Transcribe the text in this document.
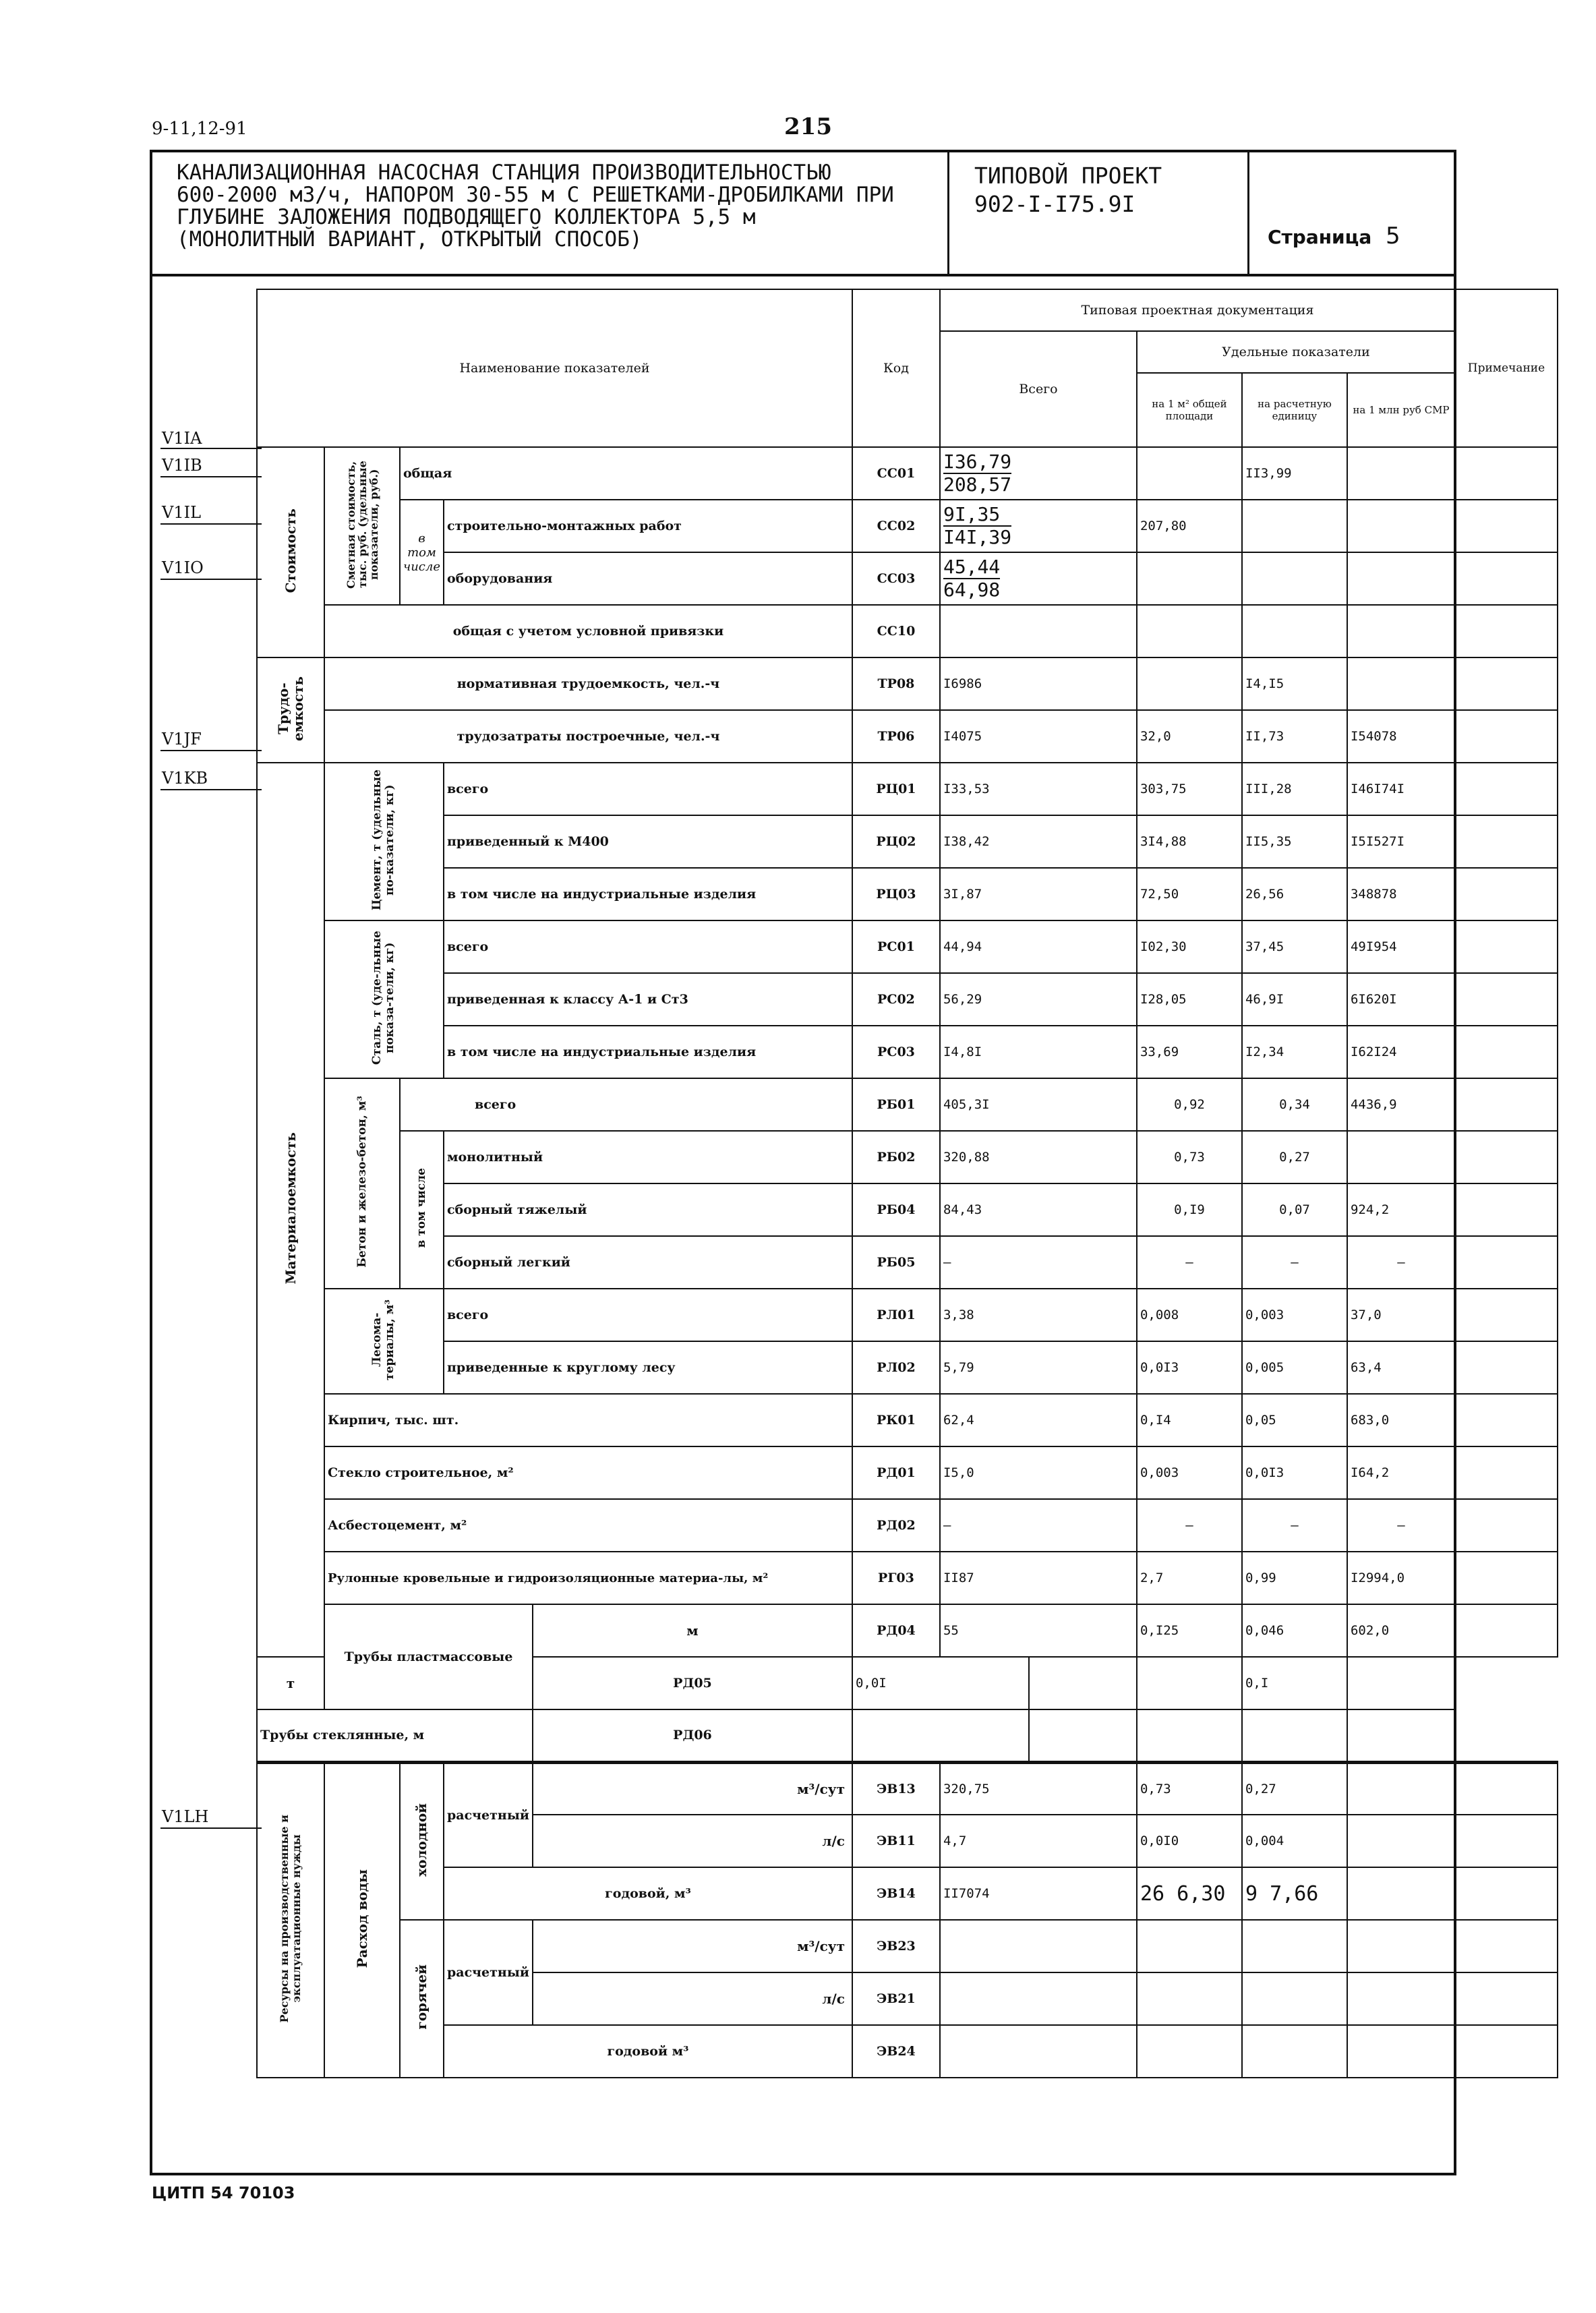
9-11,12-91	215
КАНАЛИЗАЦИОННАЯ НАСОСНАЯ СТАНЦИЯ ПРОИЗВОДИТЕЛЬНОСТЬЮ
600-2000 м3/ч, НАПОРОМ 30-55 м С РЕШЕТКАМИ-ДРОБИЛКАМИ ПРИ
ГЛУБИНЕ ЗАЛОЖЕНИЯ ПОДВОДЯЩЕГО КОЛЛЕКТОРА 5,5 м
(МОНОЛИТНЫЙ ВАРИАНТ, ОТКРЫТЫЙ СПОСОБ)
ТИПОВОЙ ПРОЕКТ
902-I-I75.9I
Страница 5
V1IA
V1IB
V1IL
V1IO
V1JF
V1KB
V1LH
Наименование показателей					Код	Типовая проектная документация					Примечание
						Всего		Удельные показатели			
								на 1 м² общей площади	на расчетную единицу	на 1 млн руб СМР	
Стоимость	Сметная стоимость, тыс. руб. (удельные показатели, руб.)	общая			СС01	$\frac{I36,79}{208,57}$			II3,99		
		в том числе	строительно-монтажных работ		СС02	$\frac{9I,35}{I4I,39}$		207,80			
			оборудования		СС03	$\frac{45,44}{64,98}$				
	общая с учетом условной привязки				СС10						
Трудо-емкость	нормативная трудоемкость, чел.-ч				ТР08	I6986			I4,I5		
	трудозатраты построечные, чел.-ч				ТР06	I4075		32,0	II,73	I54078	
Материалоемкость	Цемент, т (удельные по-казатели, кг)		всего		РЦ01	I33,53		303,75	III,28	I46I74I	
			приведенный к М400		РЦ02	I38,42		3I4,88	II5,35	I5I527I	
			в том числе на индустриальные изделия		РЦ03	3I,87		72,50	26,56	348878	
	Сталь, т (уде-льные показа-тели, кг)		всего		РС01	44,94		I02,30	37,45	49I954	
			приведенная к классу А-1 и Ст3		РС02	56,29		I28,05	46,9I	6I620I	
			в том числе на индустриальные изделия		РС03	I4,8I		33,69	I2,34	I62I24	
	Бетон и железо-бетон, м³	всего			РБ01	405,3I		0,92	0,34	4436,9	
		в том числе	монолитный		РБ02	320,88		0,73	0,27		
			сборный тяжелый		РБ04	84,43		0,I9	0,07	924,2	
			сборный легкий		РБ05	–		–	–	–	
	Лесома-териалы, м³		всего		РЛ01	3,38		0,008	0,003	37,0	
			приведенные к круглому лесу		РЛ02	5,79		0,0I3	0,005	63,4	
	Кирпич, тыс. шт.				РК01	62,4		0,I4	0,05	683,0	
	Стекло строительное, м²				РД01	I5,0		0,003	0,0I3	I64,2	
	Асбестоцемент, м²				РД02	–		–	–	–	
	Рулонные кровельные и гидроизоляционные материа-лы, м²				РГ03	II87		2,7	0,99	I2994,0	
	Трубы пластмассовые			м	РД04	55		0,I25	0,046	602,0	
т				РД05	0,0I				0,I		
Трубы стеклянные, м				РД06							
Ресурсы на производственные и эксплуатационные нужды	Расход воды	холодной	расчетный	м³/сут	ЭВ13	320,75		0,73	0,27		
				л/с	ЭВ11	4,7		0,0I0	0,004		
			годовой, м³		ЭВ14	II7074		26 6,30	9 7,66		
		горячей	расчетный	м³/сут	ЭВ23						
				л/с	ЭВ21						
			годовой м³		ЭВ24						
ЦИТП 54 70103
